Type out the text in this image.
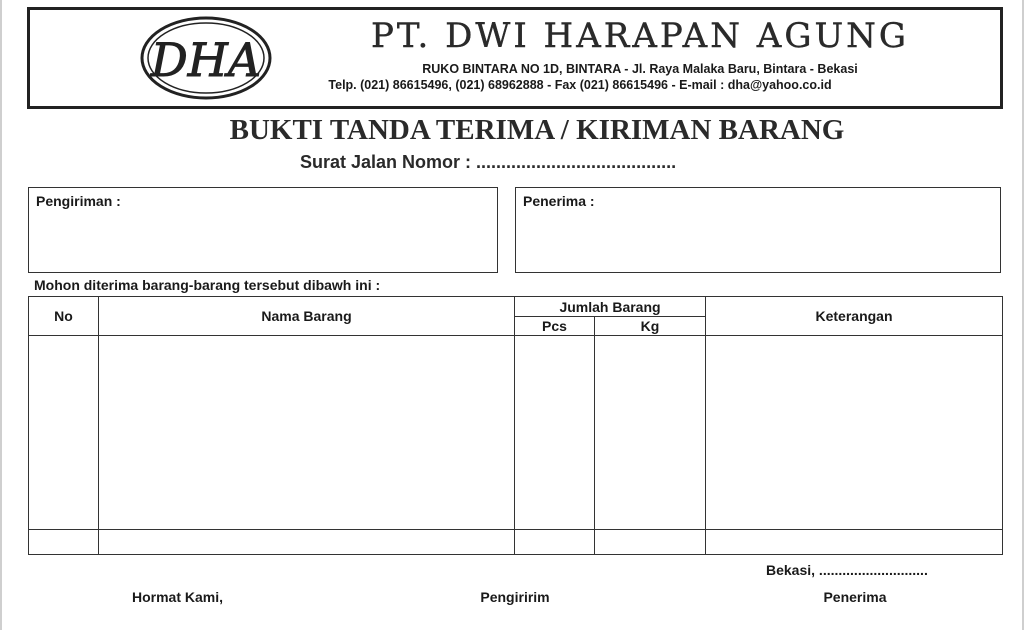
DHA	PT. DWI HARAPAN AGUNG
RUKO BINTARA NO 1D, BINTARA - Jl. Raya Malaka Baru, Bintara - Bekasi
Telp. (021) 86615496, (021) 68962888 - Fax (021) 86615496 - E-mail : dha@yahoo.co.id
BUKTI TANDA TERIMA / KIRIMAN BARANG
Surat Jalan Nomor : ........................................
Pengiriman :	Penerima :
Mohon diterima barang-barang tersebut dibawh ini :
No	Nama Barang	Jumlah Barang		Keterangan
		Pcs	Kg	

Bekasi, ............................
Hormat Kami,	Pengiririm	Penerima
